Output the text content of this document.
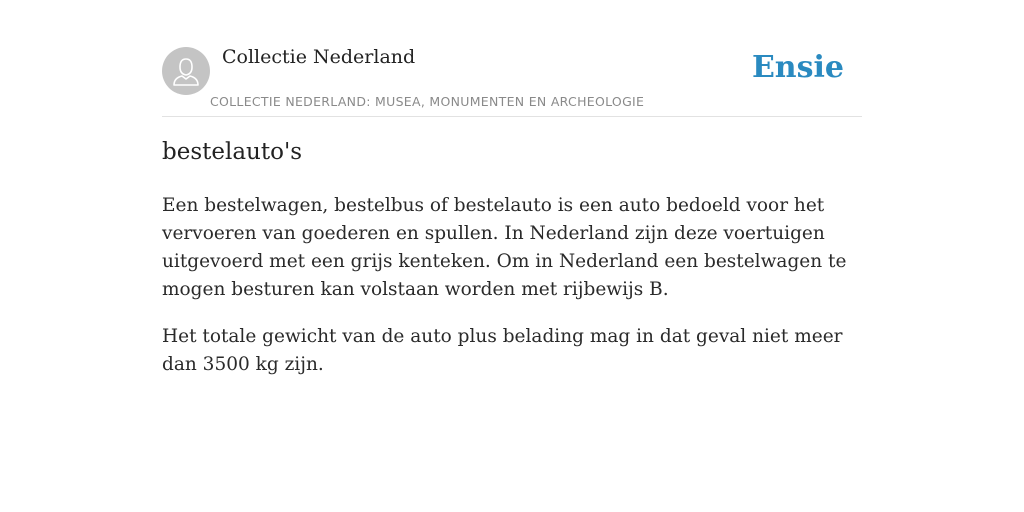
Collectie Nederland
COLLECTIE NEDERLAND: MUSEA, MONUMENTEN EN ARCHEOLOGIE
Ensie
bestelauto's

Een bestelwagen, bestelbus of bestelauto is een auto bedoeld voor het vervoeren van goederen en spullen. In Nederland zijn deze voertuigen uitgevoerd met een grijs kenteken. Om in Nederland een bestelwagen te mogen besturen kan volstaan worden met rijbewijs B.

Het totale gewicht van de auto plus belading mag in dat geval niet meer dan 3500 kg zijn.
